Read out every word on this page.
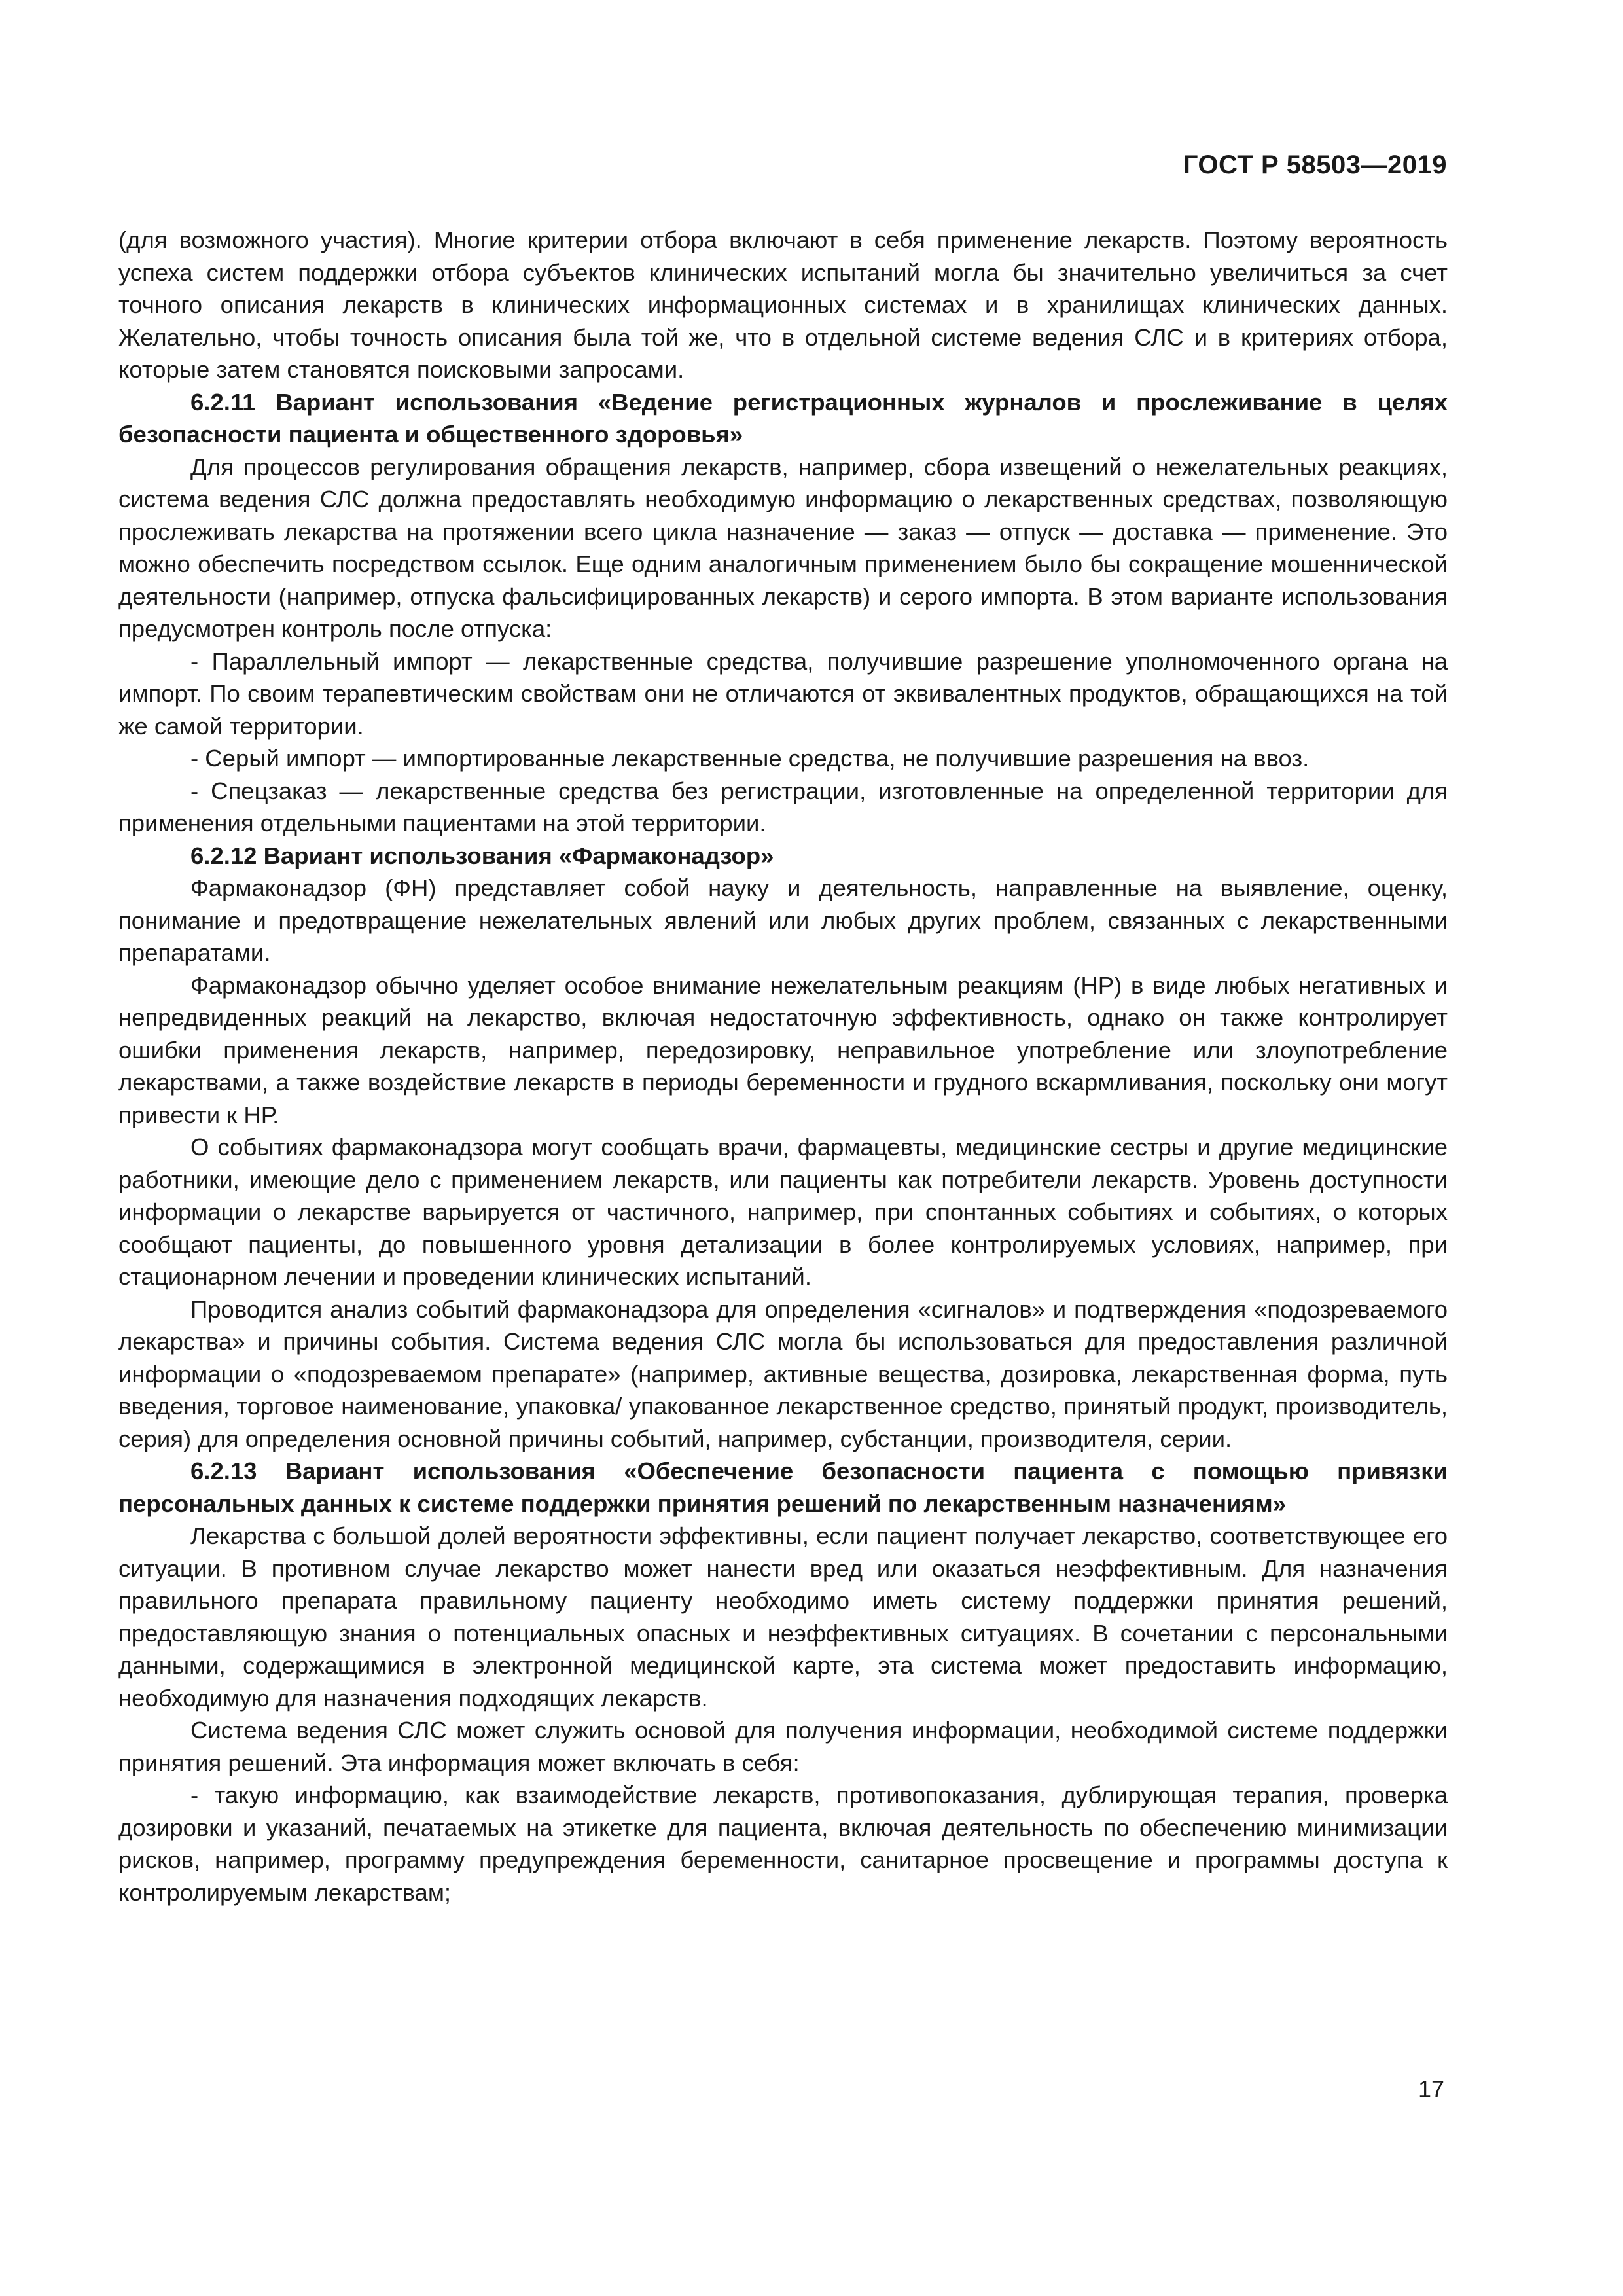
ГОСТ Р 58503—2019

(для возможного участия). Многие критерии отбора включают в себя применение лекарств. Поэтому вероятность успеха систем поддержки отбора субъектов клинических испытаний могла бы значительно увеличиться за счет точного описания лекарств в клинических информационных системах и в хранилищах клинических данных. Желательно, чтобы точность описания была той же, что в отдельной системе ведения СЛС и в критериях отбора, которые затем становятся поисковыми запросами.

6.2.11 Вариант использования «Ведение регистрационных журналов и прослеживание в целях безопасности пациента и общественного здоровья»

Для процессов регулирования обращения лекарств, например, сбора извещений о нежелательных реакциях, система ведения СЛС должна предоставлять необходимую информацию о лекарственных средствах, позволяющую прослеживать лекарства на протяжении всего цикла назначение — заказ — отпуск — доставка — применение. Это можно обеспечить посредством ссылок. Еще одним аналогичным применением было бы сокращение мошеннической деятельности (например, отпуска фальсифицированных лекарств) и серого импорта. В этом варианте использования предусмотрен контроль после отпуска:

- Параллельный импорт — лекарственные средства, получившие разрешение уполномоченного органа на импорт. По своим терапевтическим свойствам они не отличаются от эквивалентных продуктов, обращающихся на той же самой территории.

- Серый импорт — импортированные лекарственные средства, не получившие разрешения на ввоз.

- Спецзаказ — лекарственные средства без регистрации, изготовленные на определенной территории для применения отдельными пациентами на этой территории.

6.2.12 Вариант использования «Фармаконадзор»

Фармаконадзор (ФН) представляет собой науку и деятельность, направленные на выявление, оценку, понимание и предотвращение нежелательных явлений или любых других проблем, связанных с лекарственными препаратами.

Фармаконадзор обычно уделяет особое внимание нежелательным реакциям (НР) в виде любых негативных и непредвиденных реакций на лекарство, включая недостаточную эффективность, однако он также контролирует ошибки применения лекарств, например, передозировку, неправильное употребление или злоупотребление лекарствами, а также воздействие лекарств в периоды беременности и грудного вскармливания, поскольку они могут привести к НР.

О событиях фармаконадзора могут сообщать врачи, фармацевты, медицинские сестры и другие медицинские работники, имеющие дело с применением лекарств, или пациенты как потребители лекарств. Уровень доступности информации о лекарстве варьируется от частичного, например, при спонтанных событиях и событиях, о которых сообщают пациенты, до повышенного уровня детализации в более контролируемых условиях, например, при стационарном лечении и проведении клинических испытаний.

Проводится анализ событий фармаконадзора для определения «сигналов» и подтверждения «подозреваемого лекарства» и причины события. Система ведения СЛС могла бы использоваться для предоставления различной информации о «подозреваемом препарате» (например, активные вещества, дозировка, лекарственная форма, путь введения, торговое наименование, упаковка/ упакованное лекарственное средство, принятый продукт, производитель, серия) для определения основной причины событий, например, субстанции, производителя, серии.

6.2.13 Вариант использования «Обеспечение безопасности пациента с помощью привязки персональных данных к системе поддержки принятия решений по лекарственным назначениям»

Лекарства с большой долей вероятности эффективны, если пациент получает лекарство, соответствующее его ситуации. В противном случае лекарство может нанести вред или оказаться неэффективным. Для назначения правильного препарата правильному пациенту необходимо иметь систему поддержки принятия решений, предоставляющую знания о потенциальных опасных и неэффективных ситуациях. В сочетании с персональными данными, содержащимися в электронной медицинской карте, эта система может предоставить информацию, необходимую для назначения подходящих лекарств.

Система ведения СЛС может служить основой для получения информации, необходимой системе поддержки принятия решений. Эта информация может включать в себя:

- такую информацию, как взаимодействие лекарств, противопоказания, дублирующая терапия, проверка дозировки и указаний, печатаемых на этикетке для пациента, включая деятельность по обеспечению минимизации рисков, например, программу предупреждения беременности, санитарное просвещение и программы доступа к контролируемым лекарствам;

17
